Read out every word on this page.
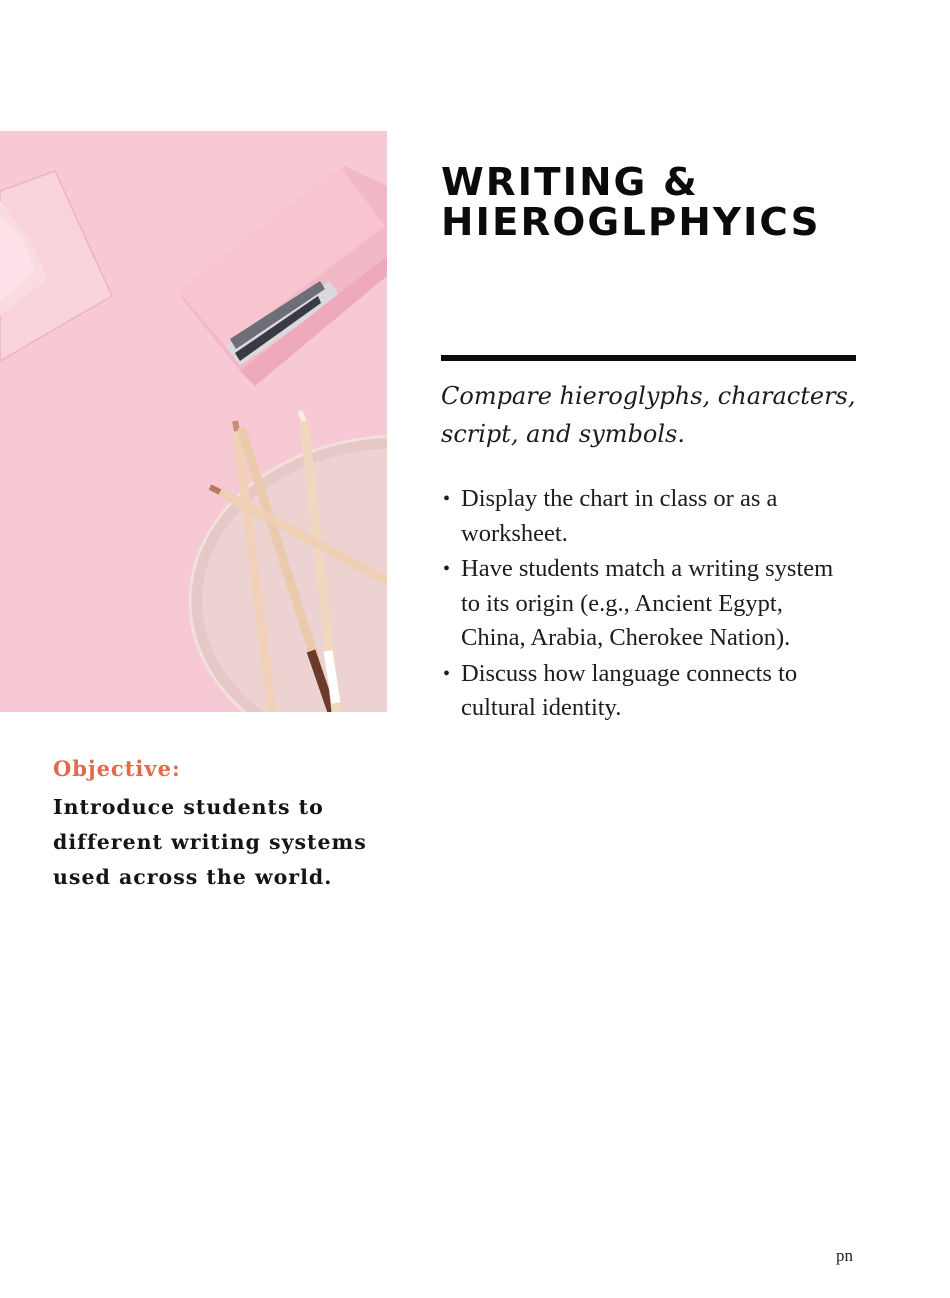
WRITING &
HIEROGLPHYICS

Compare hieroglyphs, characters, script, and symbols.

• Display the chart in class or as a worksheet.
• Have students match a writing system to its origin (e.g., Ancient Egypt, China, Arabia, Cherokee Nation).
• Discuss how language connects to cultural identity.

Objective:

Introduce students to different writing systems used across the world.

pn
